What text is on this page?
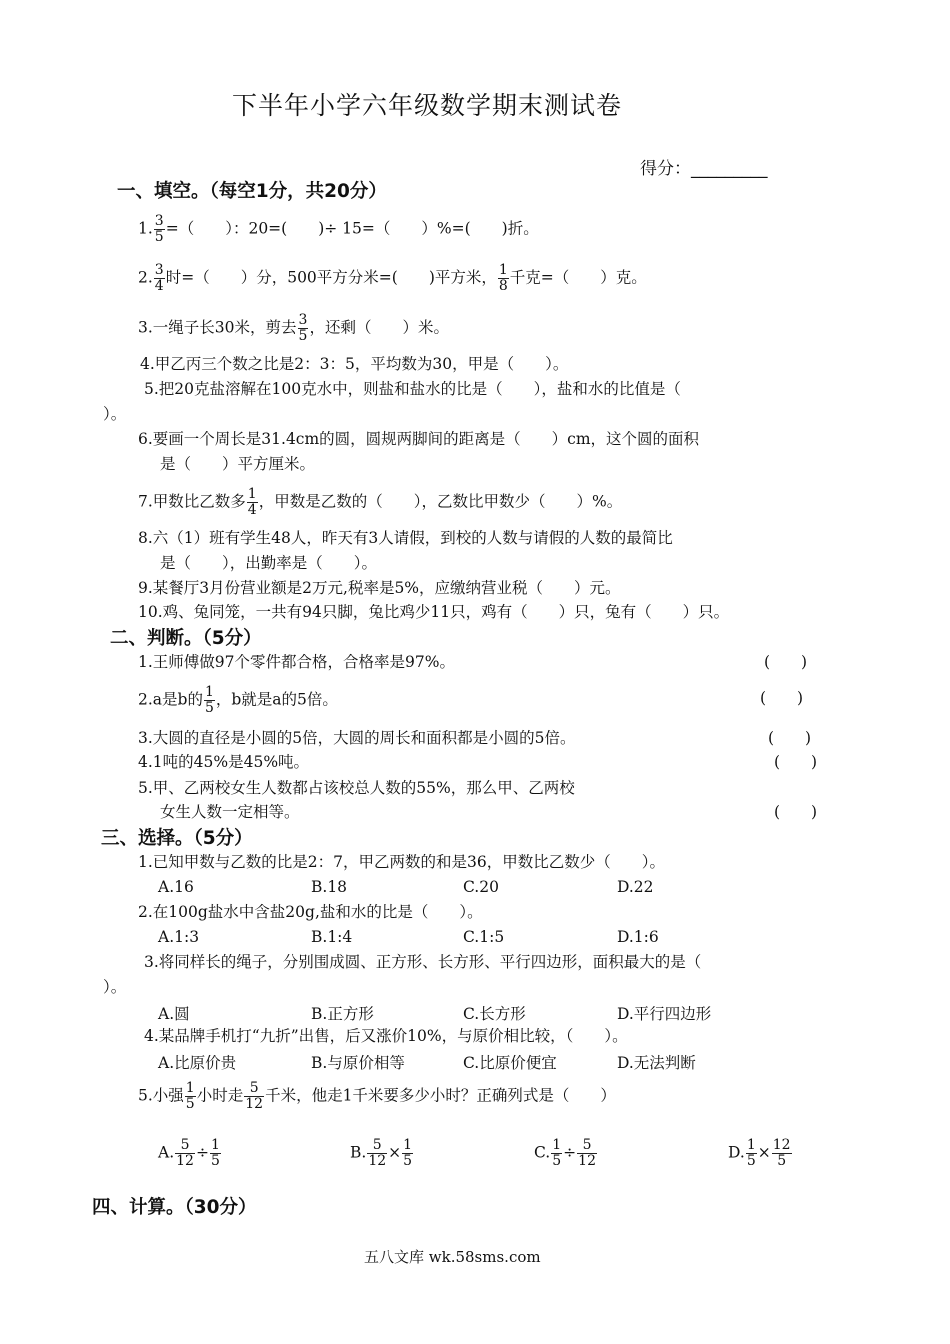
下半年小学六年级数学期末测试卷
得分：_________
一、填空。（每空1分，共20分）
1. $\frac{3}{5}$ =（　　）：20=(　　)÷ 15=（　　）%=(　　)折。
2. $\frac{3}{4}$ 时=（　　）分，500平方分米=(　　)平方米， $\frac{1}{8}$ 千克=（　　）克。
3.一绳子长30米，剪去 $\frac{3}{5}$ ，还剩（　　）米。
4.甲乙丙三个数之比是2：3：5，平均数为30，甲是（　　）。
5.把20克盐溶解在100克水中，则盐和盐水的比是（　　），盐和水的比值是（
）。
6.要画一个周长是31.4cm的圆，圆规两脚间的距离是（　　）cm，这个圆的面积
是（　　）平方厘米。
7.甲数比乙数多 $\frac{1}{4}$ ，甲数是乙数的（　　），乙数比甲数少（　　）%。
8.六（1）班有学生48人，昨天有3人请假，到校的人数与请假的人数的最简比
是（　　），出勤率是（　　）。
9.某餐厅3月份营业额是2万元,税率是5%，应缴纳营业税（　　）元。
10.鸡、兔同笼，一共有94只脚，兔比鸡少11只，鸡有（　　）只，兔有（　　）只。
二、判断。（5分）
1.王师傅做97个零件都合格，合格率是97%。	(　　)
2.a是b的 $\frac{1}{5}$ ，b就是a的5倍。	(　　)
3.大圆的直径是小圆的5倍，大圆的周长和面积都是小圆的5倍。	(　　)
4.1吨的45%是45%吨。	(　　)
5.甲、乙两校女生人数都占该校总人数的55%，那么甲、乙两校
女生人数一定相等。	(　　)
三、选择。（5分）
1.已知甲数与乙数的比是2：7，甲乙两数的和是36，甲数比乙数少（　　）。
A.16	B.18	C.20	D.22
2.在100g盐水中含盐20g,盐和水的比是（　　）。
A.1:3	B.1:4	C.1:5	D.1:6
3.将同样长的绳子，分别围成圆、正方形、长方形、平行四边形，面积最大的是（
）。
A.圆	B.正方形	C.长方形	D.平行四边形
4.某品牌手机打“九折”出售，后又涨价10%，与原价相比较，（　　）。
A.比原价贵	B.与原价相等	C.比原价便宜	D.无法判断
5.小强 $\frac{1}{5}$ 小时走 $\frac{5}{12}$ 千米，他走1千米要多少小时？正确列式是（　　）
A. $\frac{5}{12} \div \frac{1}{5}$	B. $\frac{5}{12} \times \frac{1}{5}$	C. $\frac{1}{5} \div \frac{5}{12}$	D. $\frac{1}{5} \times \frac{12}{5}$
四、计算。（30分）
五八文库 wk.58sms.com
